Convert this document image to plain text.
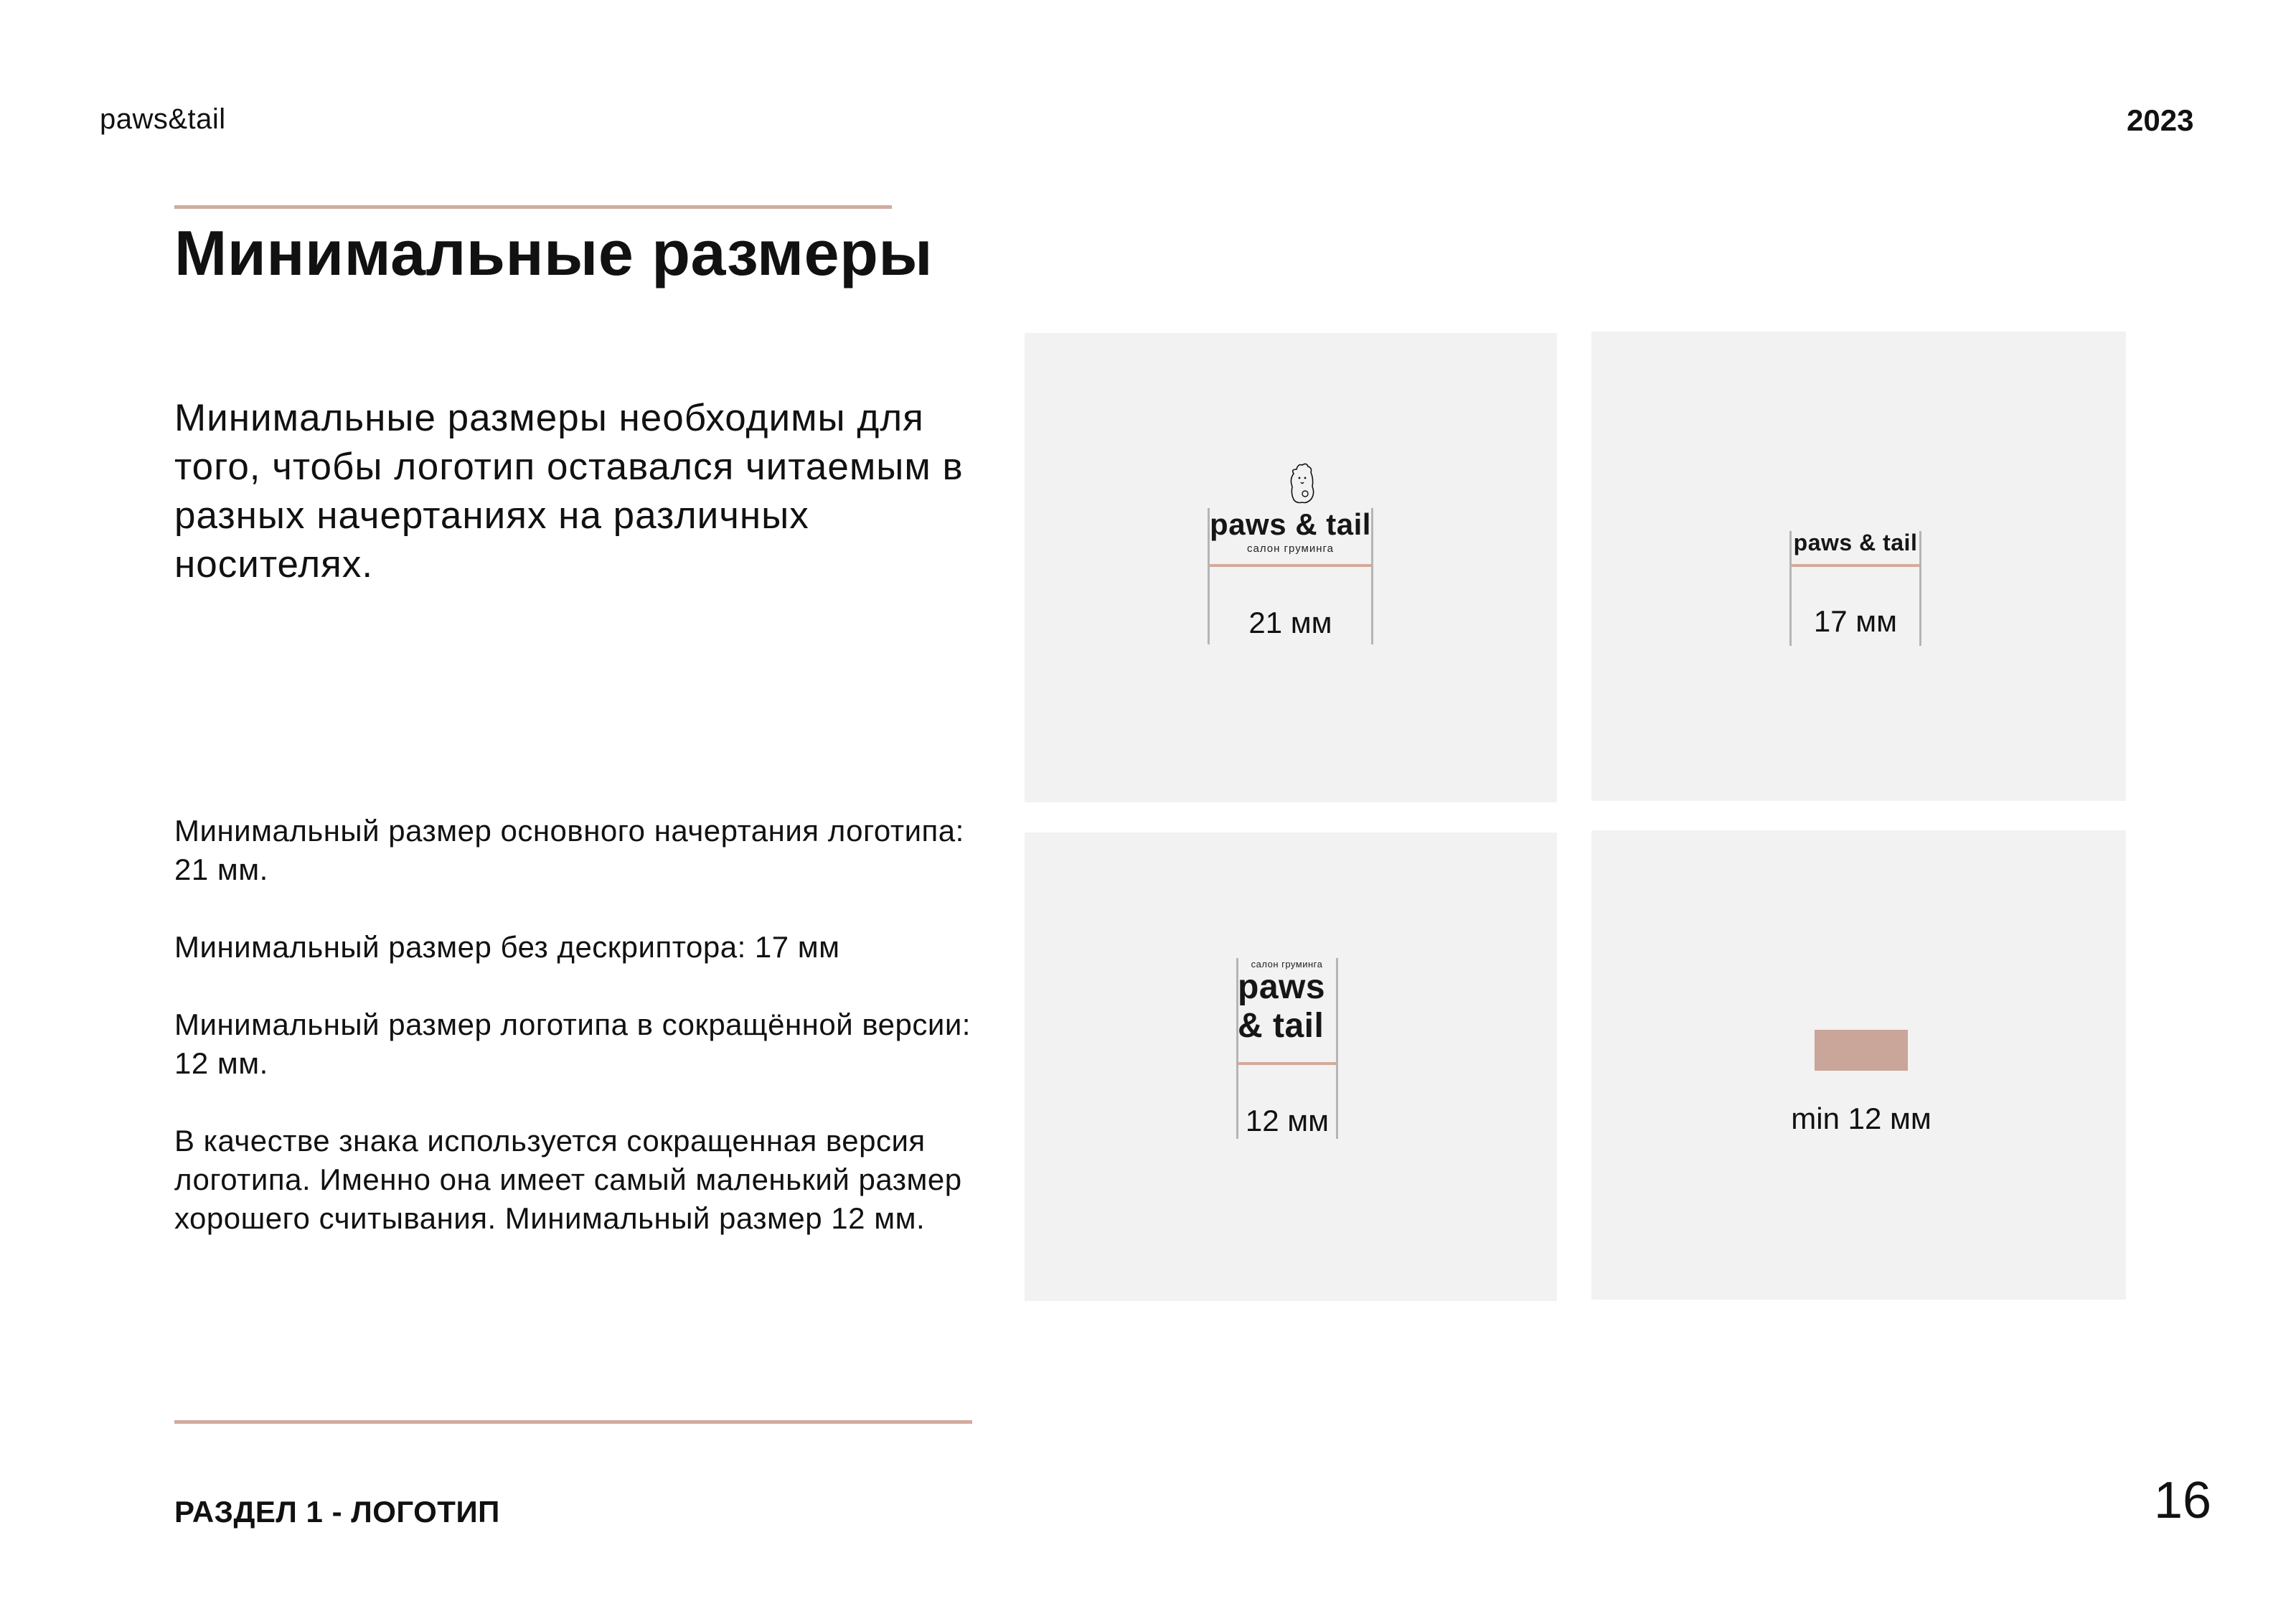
paws&tail	2023
Минимальные размеры
Минимальные размеры необходимы для того, чтобы логотип оставался читаемым в разных начертаниях на различных носителях.

Минимальный размер основного начертания логотипа: 21 мм.

Минимальный размер без дескриптора: 17 мм

Минимальный размер логотипа в сокращённой версии: 12 мм.

В качестве знака используется сокращенная версия логотипа. Именно она имеет самый маленький размер хорошего считывания. Минимальный размер 12 мм.

paws & tail
салон груминга
21 мм
paws & tail
17 мм
салон груминга
paws
& tail
12 мм	min 12 мм
РАЗДЕЛ 1 - ЛОГОТИП	16
